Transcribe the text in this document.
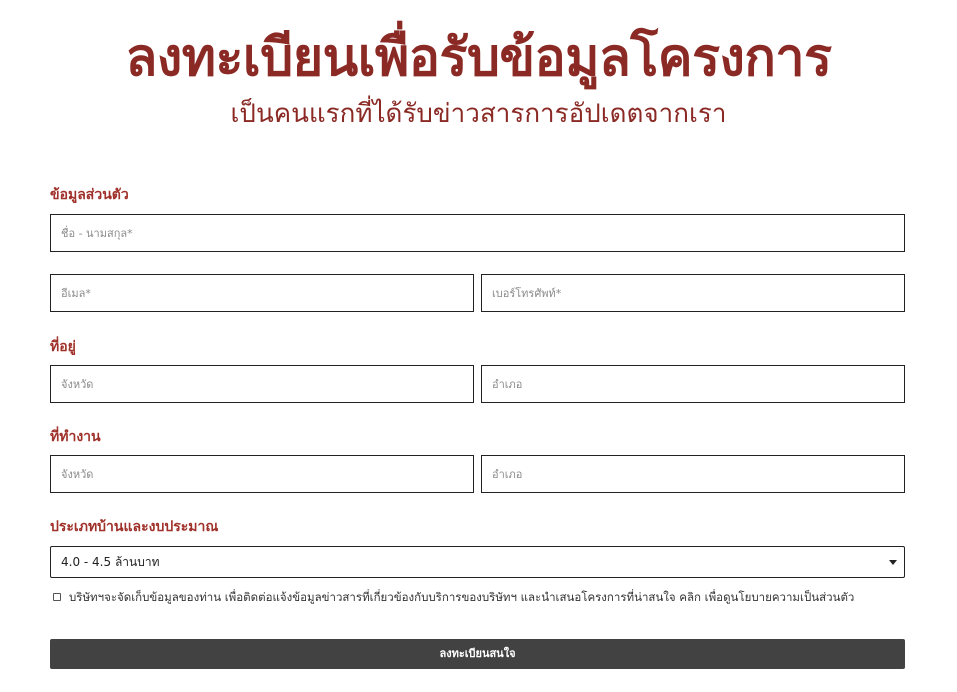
ลงทะเบียนเพื่อรับข้อมูลโครงการ
เป็นคนแรกที่ได้รับข่าวสารการอัปเดตจากเรา
ข้อมูลส่วนตัว
ชื่อ - นามสกุล*
อีเมล*
เบอร์โทรศัพท์*
ที่อยู่
จังหวัด
อำเภอ
ที่ทำงาน
จังหวัด
อำเภอ
ประเภทบ้านและงบประมาณ
4.0 - 4.5 ล้านบาท
บริษัทฯจะจัดเก็บข้อมูลของท่าน เพื่อติดต่อแจ้งข้อมูลข่าวสารที่เกี่ยวข้องกับบริการของบริษัทฯ และนำเสนอโครงการที่น่าสนใจ คลิก เพื่อดูนโยบายความเป็นส่วนตัว
ลงทะเบียนสนใจ
